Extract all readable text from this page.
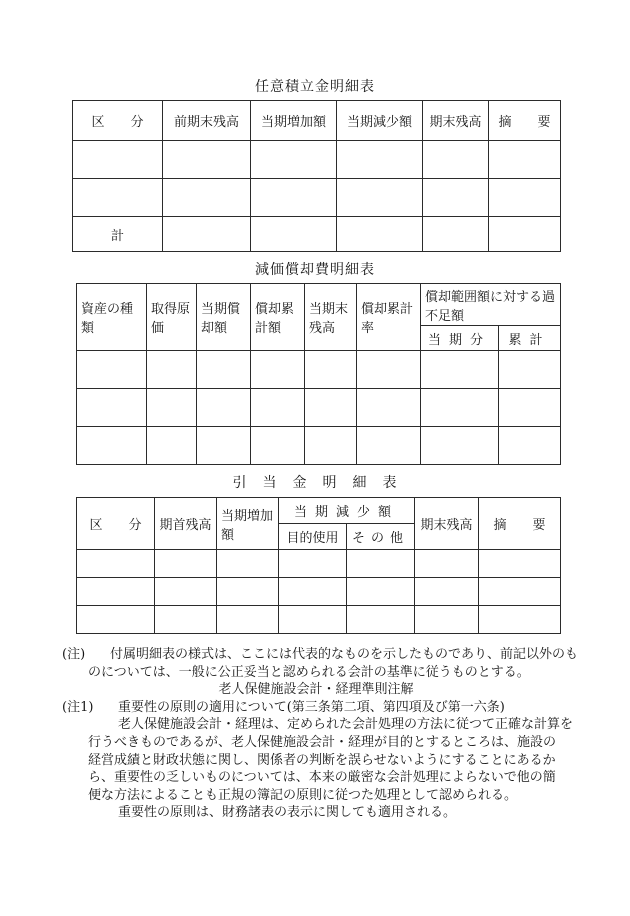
任意積立金明細表
区　　分	前期末残高	当期増加額	当期減少額	期末残高	摘　　要

計					
減価償却費明細表
資産の種類	取得原価	当期償却額	償却累計額	当期末残高	償却累計率	償却範囲額に対する過不足額	
						当期分	累計

引　当　金　明　細　表
区　　分	期首残高	当期増加額	当期減少額		期末残高	摘　　要
			目的使用	その他		

(注)	付属明細表の様式は、ここには代表的なものを示したものであり、前記以外のも
のについては、一般に公正妥当と認められる会計の基準に従うものとする。
老人保健施設会計・経理準則注解
(注1)	重要性の原則の適用について(第三条第二項、第四項及び第一六条)
老人保健施設会計・経理は、定められた会計処理の方法に従つて正確な計算を
行うべきものであるが、老人保健施設会計・経理が目的とするところは、施設の
経営成績と財政状態に関し、関係者の判断を誤らせないようにすることにあるか
ら、重要性の乏しいものについては、本来の厳密な会計処理によらないで他の簡
便な方法によることも正規の簿記の原則に従つた処理として認められる。
重要性の原則は、財務諸表の表示に関しても適用される。
